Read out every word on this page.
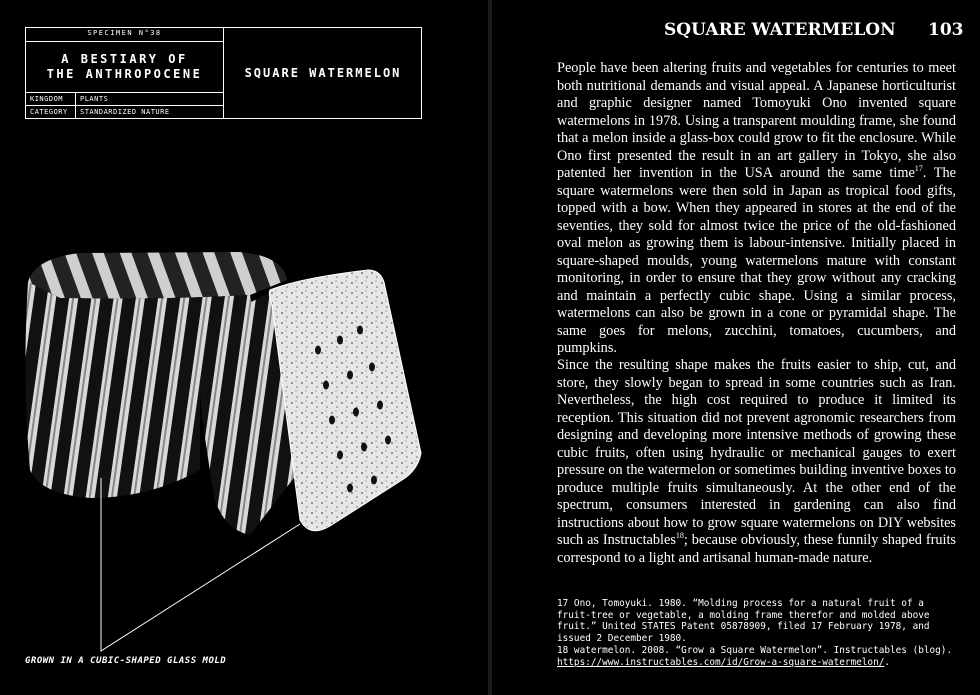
SPECIMEN N°38
A BESTIARY OF
THE ANTHROPOCENE	SQUARE WATERMELON
KINGDOM PLANTS
CATEGORY STANDARDIZED NATURE
GROWN IN A CUBIC-SHAPED GLASS MOLD
SQUARE WATERMELON 103

People have been altering fruits and vegetables for centuries to meet both nutritional demands and visual appeal. A Japanese horticulturist and graphic designer named Tomoyuki Ono invented square watermelons in 1978. Using a transparent moulding frame, she found that a melon inside a glass-box could grow to fit the enclosure. While Ono first presented the result in an art gallery in Tokyo, she also patented her invention in the USA around the same time$^{17}$. The square watermelons were then sold in Japan as tropical food gifts, topped with a bow. When they appeared in stores at the end of the seventies, they sold for almost twice the price of the old-fashioned oval melon as growing them is labour-intensive. Initially placed in square-shaped moulds, young watermelons mature with constant monitoring, in order to ensure that they grow without any cracking and maintain a perfectly cubic shape. Using a similar process, watermelons can also be grown in a cone or pyramidal shape. The same goes for melons, zucchini, tomatoes, cucumbers, and pumpkins.

Since the resulting shape makes the fruits easier to ship, cut, and store, they slowly began to spread in some countries such as Iran. Nevertheless, the high cost required to produce it limited its reception. This situation did not prevent agronomic researchers from designing and developing more intensive methods of growing these cubic fruits, often using hydraulic or mechanical gauges to exert pressure on the watermelon or sometimes building inventive boxes to produce multiple fruits simultaneously. At the other end of the spectrum, consumers interested in gardening can also find instructions about how to grow square watermelons on DIY websites such as Instructables$^{18}$; because obviously, these funnily shaped fruits correspond to a light and artisanal human-made nature.

17 Ono, Tomoyuki. 1980. “Molding process for a natural fruit of a fruit-tree or vegetable, a molding frame therefor and molded above fruit.” United STATES Patent 05878909, filed 17 February 1978, and issued 2 December 1980.

18 watermelon. 2008. “Grow a Square Watermelon”. Instructables (blog). https://www.instructables.com/id/Grow-a-square-watermelon/.
